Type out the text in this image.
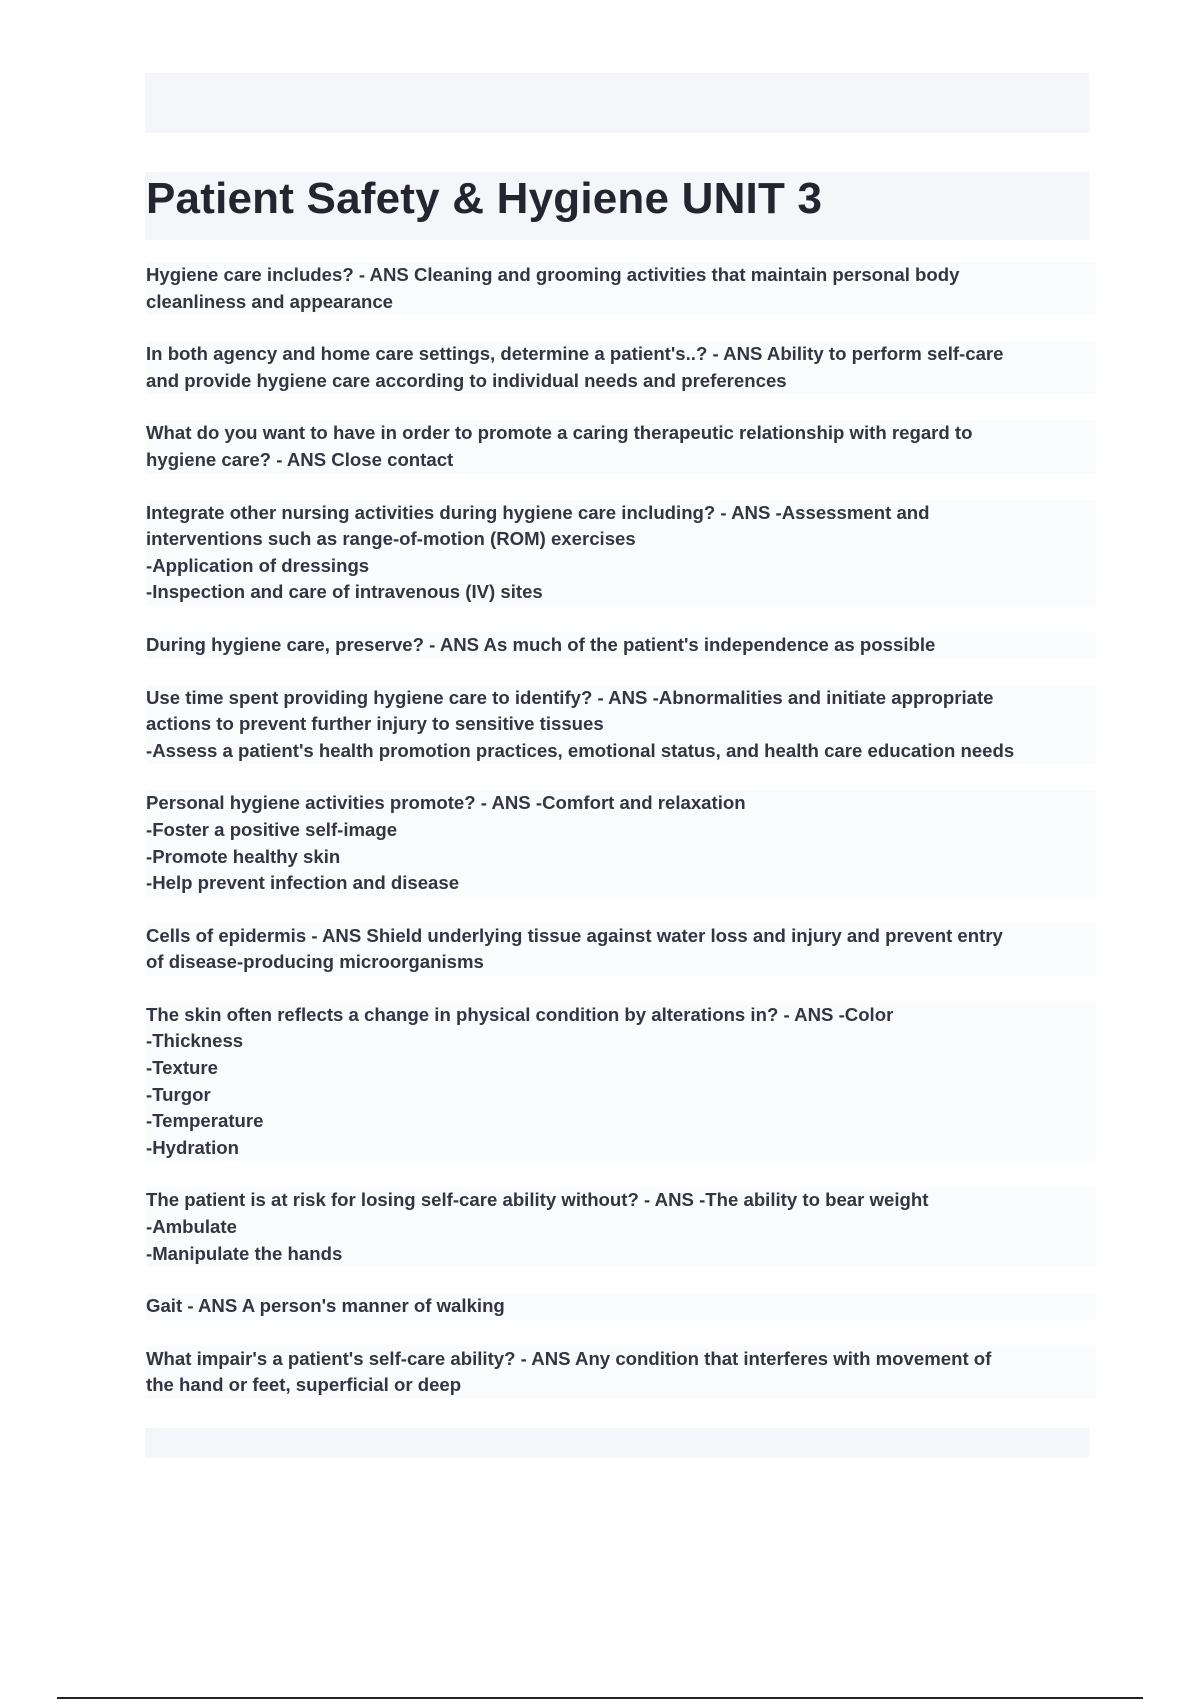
Patient Safety & Hygiene UNIT 3
Hygiene care includes? - ANS Cleaning and grooming activities that maintain personal body
cleanliness and appearance
In both agency and home care settings, determine a patient's..? - ANS Ability to perform self-care
and provide hygiene care according to individual needs and preferences
What do you want to have in order to promote a caring therapeutic relationship with regard to
hygiene care? - ANS Close contact
Integrate other nursing activities during hygiene care including? - ANS -Assessment and
interventions such as range-of-motion (ROM) exercises
-Application of dressings
-Inspection and care of intravenous (IV) sites
During hygiene care, preserve? - ANS As much of the patient's independence as possible
Use time spent providing hygiene care to identify? - ANS -Abnormalities and initiate appropriate
actions to prevent further injury to sensitive tissues
-Assess a patient's health promotion practices, emotional status, and health care education needs
Personal hygiene activities promote? - ANS -Comfort and relaxation
-Foster a positive self-image
-Promote healthy skin
-Help prevent infection and disease
Cells of epidermis - ANS Shield underlying tissue against water loss and injury and prevent entry
of disease-producing microorganisms
The skin often reflects a change in physical condition by alterations in? - ANS -Color
-Thickness
-Texture
-Turgor
-Temperature
-Hydration
The patient is at risk for losing self-care ability without? - ANS -The ability to bear weight
-Ambulate
-Manipulate the hands
Gait - ANS A person's manner of walking
What impair's a patient's self-care ability? - ANS Any condition that interferes with movement of
the hand or feet, superficial or deep
